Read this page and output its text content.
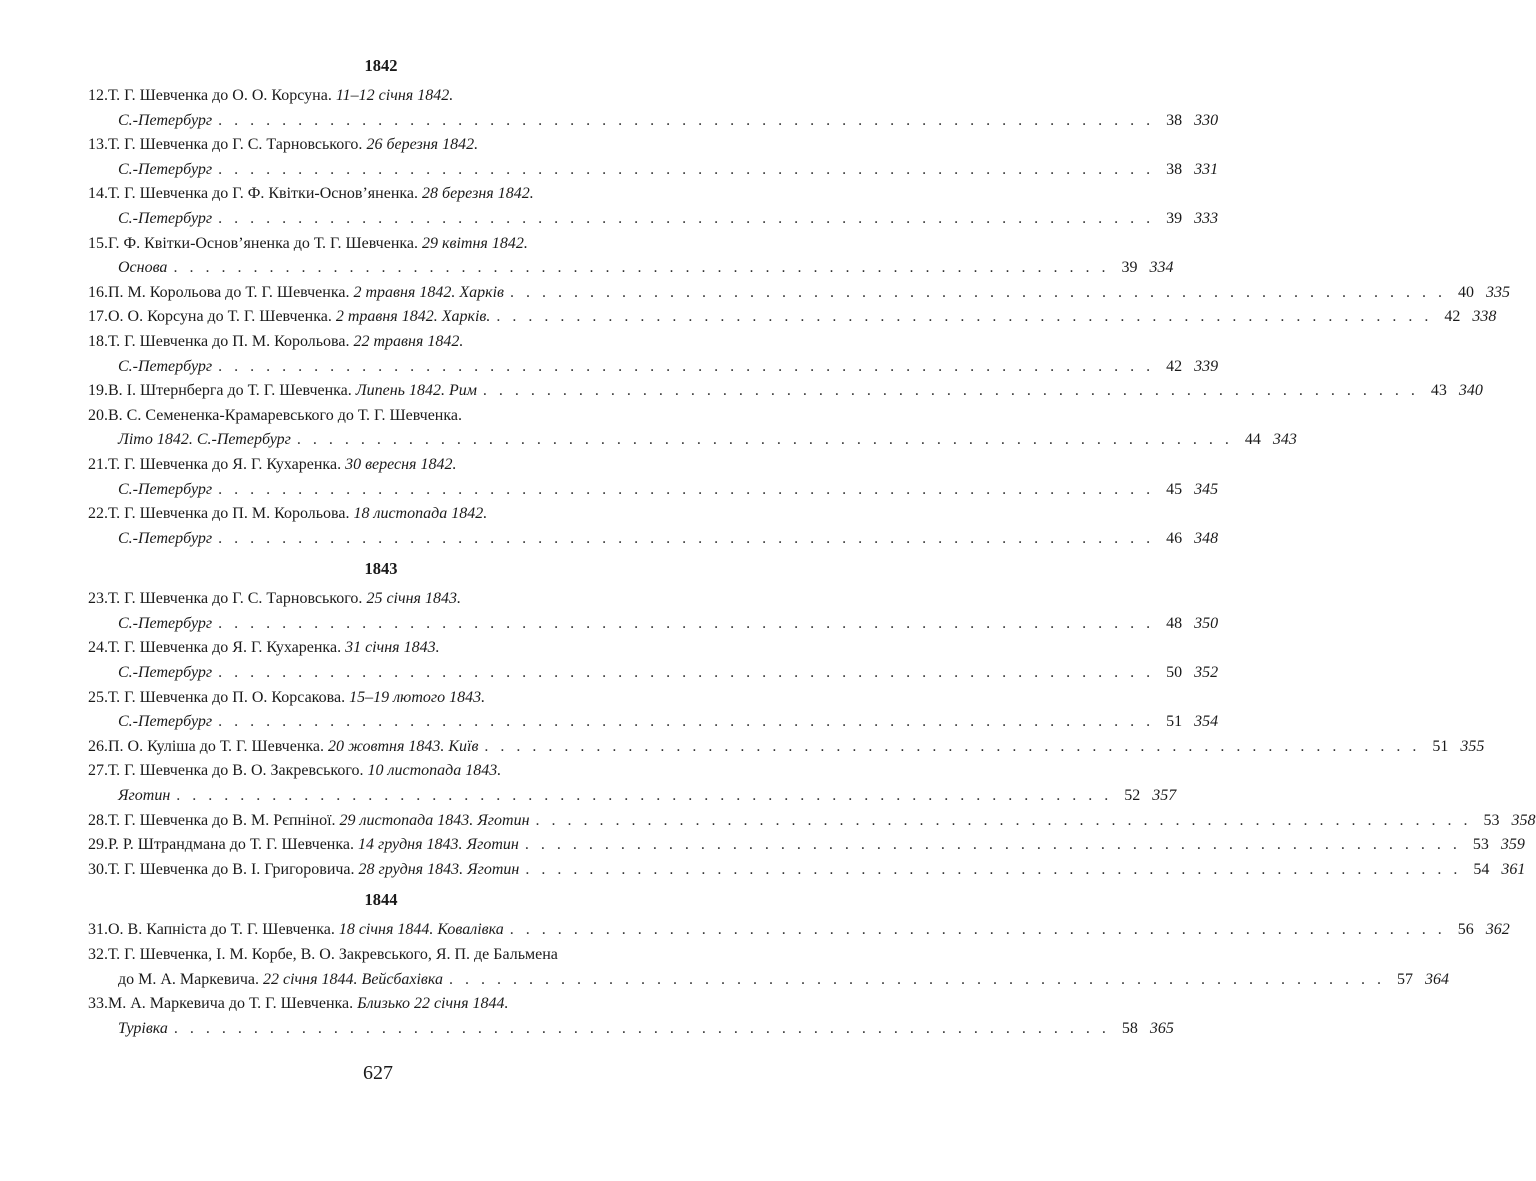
1842
12. Т. Г. Шевченка до О. О. Корсуна. 11–12 січня 1842.
С.-Петербург . . . . . . . . . . . . . . . . . . . . . . . . . . . . . . . . . . . . . . . . . . . . . . . . . . . . . . . . . . . 38 330
13. Т. Г. Шевченка до Г. С. Тарновського. 26 березня 1842.
С.-Петербург . . . . . . . . . . . . . . . . . . . . . . . . . . . . . . . . . . . . . . . . . . . . . . . . . . . . . . . . . . . 38 331
14. Т. Г. Шевченка до Г. Ф. Квітки-Основ’яненка. 28 березня 1842.
С.-Петербург . . . . . . . . . . . . . . . . . . . . . . . . . . . . . . . . . . . . . . . . . . . . . . . . . . . . . . . . . . . 39 333
15. Г. Ф. Квітки-Основ’яненка до Т. Г. Шевченка. 29 квітня 1842.
Основа . . . . . . . . . . . . . . . . . . . . . . . . . . . . . . . . . . . . . . . . . . . . . . . . . . . . . . . . . . . 39 334
16. П. М. Корольова до Т. Г. Шевченка. 2 травня 1842. Харків . . . . . . . . . . . . . . . . . . . . . . . . . . . . . . . . . . . . . . . . . . . . . . . . . . . . . . . . . . . 40 335
17. О. О. Корсуна до Т. Г. Шевченка. 2 травня 1842. Харків. . . . . . . . . . . . . . . . . . . . . . . . . . . . . . . . . . . . . . . . . . . . . . . . . . . . . . . . . . . . 42 338
18. Т. Г. Шевченка до П. М. Корольова. 22 травня 1842.
С.-Петербург . . . . . . . . . . . . . . . . . . . . . . . . . . . . . . . . . . . . . . . . . . . . . . . . . . . . . . . . . . . 42 339
19. В. І. Штернберга до Т. Г. Шевченка. Липень 1842. Рим . . . . . . . . . . . . . . . . . . . . . . . . . . . . . . . . . . . . . . . . . . . . . . . . . . . . . . . . . . . 43 340
20. В. С. Семененка-Крамаревського до Т. Г. Шевченка.
Літо 1842. С.-Петербург . . . . . . . . . . . . . . . . . . . . . . . . . . . . . . . . . . . . . . . . . . . . . . . . . . . . . . . . . . . 44 343
21. Т. Г. Шевченка до Я. Г. Кухаренка. 30 вересня 1842.
С.-Петербург . . . . . . . . . . . . . . . . . . . . . . . . . . . . . . . . . . . . . . . . . . . . . . . . . . . . . . . . . . . 45 345
22. Т. Г. Шевченка до П. М. Корольова. 18 листопада 1842.
С.-Петербург . . . . . . . . . . . . . . . . . . . . . . . . . . . . . . . . . . . . . . . . . . . . . . . . . . . . . . . . . . . 46 348
1843
23. Т. Г. Шевченка до Г. С. Тарновського. 25 січня 1843.
С.-Петербург . . . . . . . . . . . . . . . . . . . . . . . . . . . . . . . . . . . . . . . . . . . . . . . . . . . . . . . . . . . 48 350
24. Т. Г. Шевченка до Я. Г. Кухаренка. 31 січня 1843.
С.-Петербург . . . . . . . . . . . . . . . . . . . . . . . . . . . . . . . . . . . . . . . . . . . . . . . . . . . . . . . . . . . 50 352
25. Т. Г. Шевченка до П. О. Корсакова. 15–19 лютого 1843.
С.-Петербург . . . . . . . . . . . . . . . . . . . . . . . . . . . . . . . . . . . . . . . . . . . . . . . . . . . . . . . . . . . 51 354
26. П. О. Куліша до Т. Г. Шевченка. 20 жовтня 1843. Київ . . . . . . . . . . . . . . . . . . . . . . . . . . . . . . . . . . . . . . . . . . . . . . . . . . . . . . . . . . . 51 355
27. Т. Г. Шевченка до В. О. Закревського. 10 листопада 1843.
Яготин . . . . . . . . . . . . . . . . . . . . . . . . . . . . . . . . . . . . . . . . . . . . . . . . . . . . . . . . . . . 52 357
28. Т. Г. Шевченка до В. М. Рєпніної. 29 листопада 1843. Яготин . . . . . . . . . . . . . . . . . . . . . . . . . . . . . . . . . . . . . . . . . . . . . . . . . . . . . . . . . . . 53 358
29. Р. Р. Штрандмана до Т. Г. Шевченка. 14 грудня 1843. Яготин . . . . . . . . . . . . . . . . . . . . . . . . . . . . . . . . . . . . . . . . . . . . . . . . . . . . . . . . . . . 53 359
30. Т. Г. Шевченка до В. І. Григоровича. 28 грудня 1843. Яготин . . . . . . . . . . . . . . . . . . . . . . . . . . . . . . . . . . . . . . . . . . . . . . . . . . . . . . . . . . . 54 361
1844
31. О. В. Капніста до Т. Г. Шевченка. 18 січня 1844. Ковалівка . . . . . . . . . . . . . . . . . . . . . . . . . . . . . . . . . . . . . . . . . . . . . . . . . . . . . . . . . . . 56 362
32. Т. Г. Шевченка, І. М. Корбе, В. О. Закревського, Я. П. де Бальмена
до М. А. Маркевича. 22 січня 1844. Вейсбахівка . . . . . . . . . . . . . . . . . . . . . . . . . . . . . . . . . . . . . . . . . . . . . . . . . . . . . . . . . . . 57 364
33. М. А. Маркевича до Т. Г. Шевченка. Близько 22 січня 1844.
Турівка . . . . . . . . . . . . . . . . . . . . . . . . . . . . . . . . . . . . . . . . . . . . . . . . . . . . . . . . . . . 58 365
627
